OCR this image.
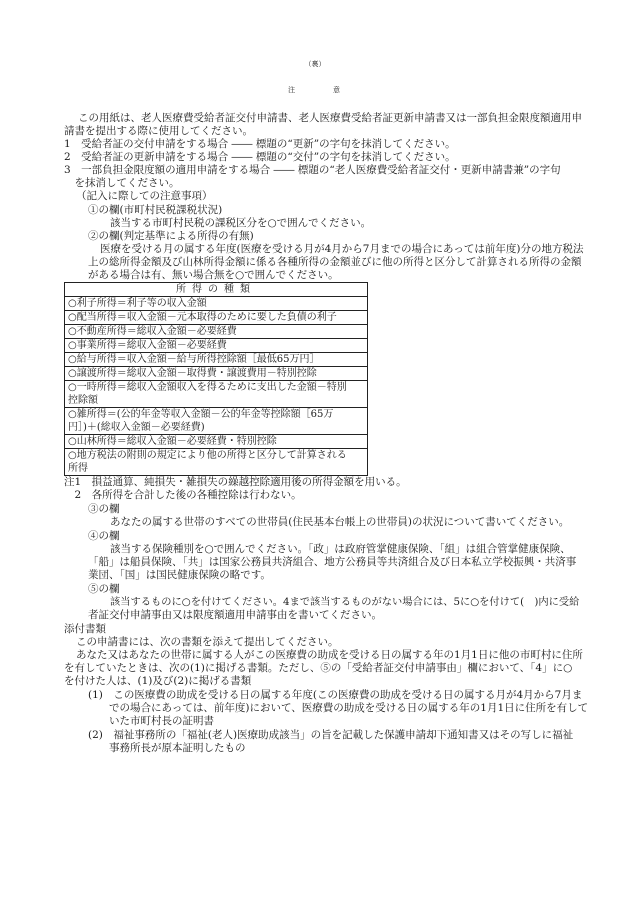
（裏）
注　　　　意
この用紙は、老人医療費受給者証交付申請書、老人医療費受給者証更新申請書又は一部負担金限度額適用申
請書を提出する際に使用してください。
1　受給者証の交付申請をする場合 ―― 標題の“更新”の字句を抹消してください。
2　受給者証の更新申請をする場合 ―― 標題の“交付”の字句を抹消してください。
3　一部負担金限度額の適用申請をする場合 ―― 標題の“老人医療費受給者証交付・更新申請書兼”の字句
　を抹消してください。
（記入に際しての注意事項）
①の欄(市町村民税課税状況)
該当する市町村民税の課税区分を○で囲んでください。
②の欄(判定基準による所得の有無)
医療を受ける月の属する年度(医療を受ける月が4月から7月までの場合にあっては前年度)分の地方税法
上の総所得金額及び山林所得金額に係る各種所得の金額並びに他の所得と区分して計算される所得の金額
がある場合は有、無い場合無を○で囲んでください。
所得の種類
○利子所得＝利子等の収入金額
○配当所得＝収入金額－元本取得のために要した負債の利子
○不動産所得＝総収入金額－必要経費
○事業所得＝総収入金額－必要経費
○給与所得＝収入金額－給与所得控除額［最低65万円］
○譲渡所得＝総収入金額－取得費・譲渡費用－特別控除
○一時所得＝総収入金額収入を得るために支出した金額－特別
控除額
○雑所得＝(公的年金等収入金額－公的年金等控除額［65万
円］)＋(総収入金額－必要経費)
○山林所得＝総収入金額－必要経費・特別控除
○地方税法の附則の規定により他の所得と区分して計算される
所得
注1　損益通算、純損失・雑損失の繰越控除適用後の所得金額を用いる。
　2　各所得を合計した後の各種控除は行わない。
③の欄
あなたの属する世帯のすべての世帯員(住民基本台帳上の世帯員)の状況について書いてください。
④の欄
該当する保険種別を○で囲んでください。「政」は政府管掌健康保険、「組」は組合管掌健康保険、
「船」は船員保険、「共」は国家公務員共済組合、地方公務員等共済組合及び日本私立学校振興・共済事
業団、「国」は国民健康保険の略です。
⑤の欄
該当するものに○を付けてください。4まで該当するものがない場合には、5に○を付けて(　)内に受給
者証交付申請事由又は限度額適用申請事由を書いてください。
添付書類
この申請書には、次の書類を添えて提出してください。
あなた又はあなたの世帯に属する人がこの医療費の助成を受ける日の属する年の1月1日に他の市町村に住所
を有していたときは、次の(1)に掲げる書類。ただし、⑤の「受給者証交付申請事由」欄において、「4」に○
を付けた人は、(1)及び(2)に掲げる書類
(1)　この医療費の助成を受ける日の属する年度(この医療費の助成を受ける日の属する月が4月から7月ま
　　での場合にあっては、前年度)において、医療費の助成を受ける日の属する年の1月1日に住所を有して
　　いた市町村長の証明書
(2)　福祉事務所の「福祉(老人)医療助成該当」の旨を記載した保護申請却下通知書又はその写しに福祉
　　事務所長が原本証明したもの
